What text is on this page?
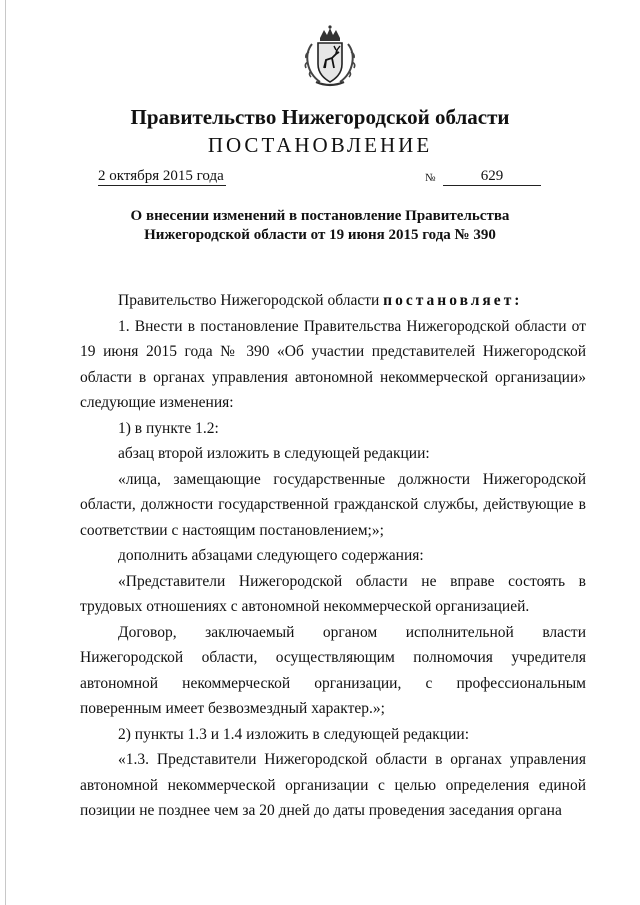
Правительство Нижегородской области
ПОСТАНОВЛЕНИЕ
2 октября 2015 года	№	629
О внесении изменений в постановление Правительства
Нижегородской области от 19 июня 2015 года № 390

Правительство Нижегородской области постановляет:

1. Внести в постановление Правительства Нижегородской области от 19 июня 2015 года № 390 «Об участии представителей Нижегородской области в органах управления автономной некоммерческой организации» следующие изменения:

1) в пункте 1.2:

абзац второй изложить в следующей редакции:

«лица, замещающие государственные должности Нижегородской области, должности государственной гражданской службы, действующие в соответствии с настоящим постановлением;»;

дополнить абзацами следующего содержания:

«Представители Нижегородской области не вправе состоять в трудовых отношениях с автономной некоммерческой организацией.

Договор, заключаемый органом исполнительной власти Нижегородской области, осуществляющим полномочия учредителя автономной некоммерческой организации, с профессиональным поверенным имеет безвозмездный характер.»;

2) пункты 1.3 и 1.4 изложить в следующей редакции:

«1.3. Представители Нижегородской области в органах управления автономной некоммерческой организации с целью определения единой позиции не позднее чем за 20 дней до даты проведения заседания органа
